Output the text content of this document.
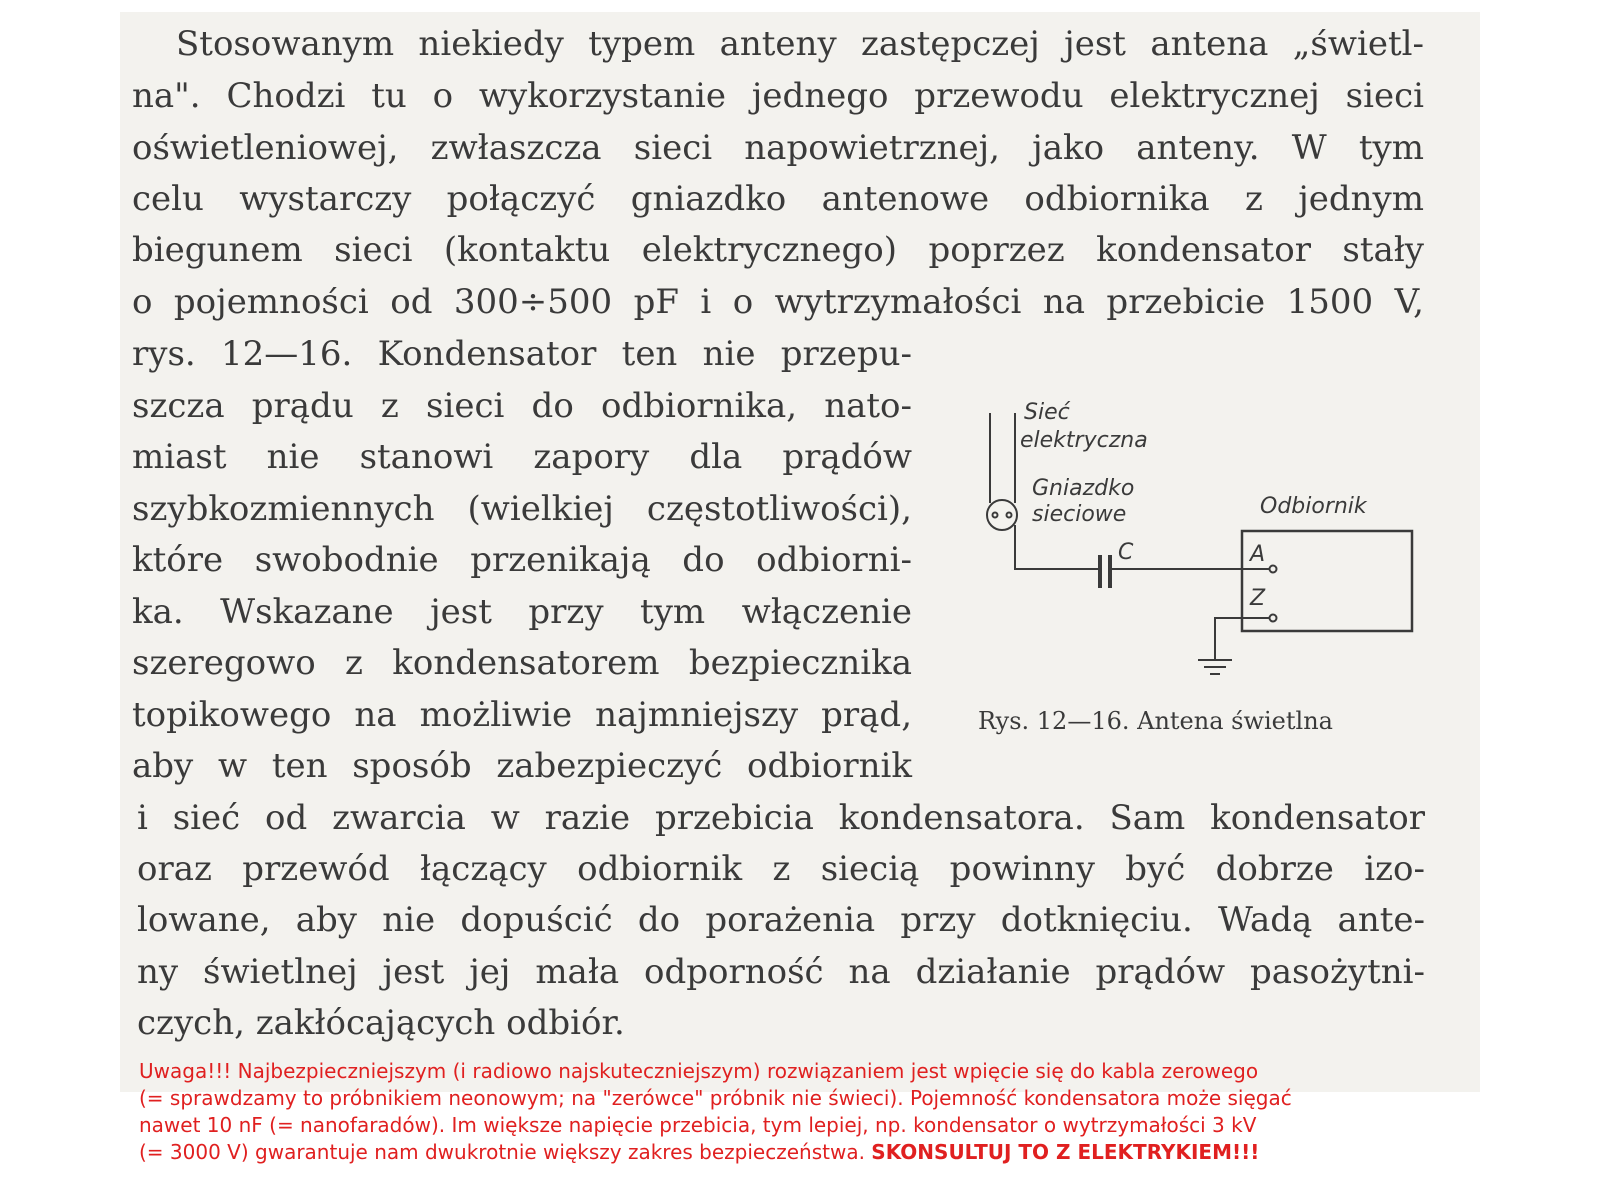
Stosowanym niekiedy typem anteny zastępczej jest antena „świetl-

na". Chodzi tu o wykorzystanie jednego przewodu elektrycznej sieci

oświetleniowej, zwłaszcza sieci napowietrznej, jako anteny. W tym

celu wystarczy połączyć gniazdko antenowe odbiornika z jednym

biegunem sieci (kontaktu elektrycznego) poprzez kondensator stały

o pojemności od 300÷500 pF i o wytrzymałości na przebicie 1500 V,

rys. 12—16. Kondensator ten nie przepu-

szcza prądu z sieci do odbiornika, nato-

miast nie stanowi zapory dla prądów

szybkozmiennych (wielkiej częstotliwości),

które swobodnie przenikają do odbiorni-

ka. Wskazane jest przy tym włączenie

szeregowo z kondensatorem bezpiecznika

topikowego na możliwie najmniejszy prąd,

aby w ten sposób zabezpieczyć odbiornik

i sieć od zwarcia w razie przebicia kondensatora. Sam kondensator

oraz przewód łączący odbiornik z siecią powinny być dobrze izo-

lowane, aby nie dopuścić do porażenia przy dotknięciu. Wadą ante-

ny świetlnej jest jej mała odporność na działanie prądów pasożytni-

czych, zakłócających odbiór.

Sieć
elektryczna
Gniazdko
sieciowe	Odbiornik
C	A
Z
Rys. 12—16. Antena świetlna

Uwaga!!! Najbezpieczniejszym (i radiowo najskuteczniejszym) rozwiązaniem jest wpięcie się do kabla zerowego

(= sprawdzamy to próbnikiem neonowym; na "zerówce" próbnik nie świeci). Pojemność kondensatora może sięgać

nawet 10 nF (= nanofaradów). Im większe napięcie przebicia, tym lepiej, np. kondensator o wytrzymałości 3 kV

(= 3000 V) gwarantuje nam dwukrotnie większy zakres bezpieczeństwa. SKONSULTUJ TO Z ELEKTRYKIEM!!!
